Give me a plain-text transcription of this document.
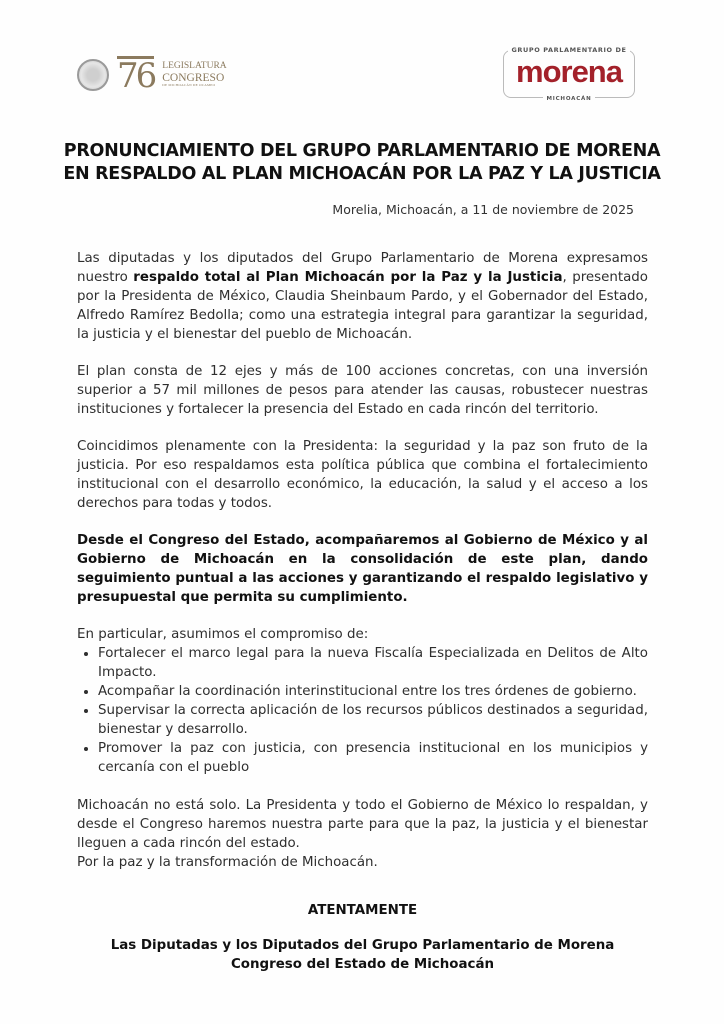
76 LEGISLATURA
CONGRESO
DE MICHOACÁN DE OCAMPO
GRUPO PARLAMENTARIO DE
morena
MICHOACÁN
PRONUNCIAMIENTO DEL GRUPO PARLAMENTARIO DE MORENA
EN RESPALDO AL PLAN MICHOACÁN POR LA PAZ Y LA JUSTICIA
Morelia, Michoacán, a 11 de noviembre de 2025

Las diputadas y los diputados del Grupo Parlamentario de Morena expresamos nuestro respaldo total al Plan Michoacán por la Paz y la Justicia, presentado por la Presidenta de México, Claudia Sheinbaum Pardo, y el Gobernador del Estado, Alfredo Ramírez Bedolla; como una estrategia integral para garantizar la seguridad, la justicia y el bienestar del pueblo de Michoacán.

El plan consta de 12 ejes y más de 100 acciones concretas, con una inversión superior a 57 mil millones de pesos para atender las causas, robustecer nuestras instituciones y fortalecer la presencia del Estado en cada rincón del territorio.

Coincidimos plenamente con la Presidenta: la seguridad y la paz son fruto de la justicia. Por eso respaldamos esta política pública que combina el fortalecimiento institucional con el desarrollo económico, la educación, la salud y el acceso a los derechos para todas y todos.

Desde el Congreso del Estado, acompañaremos al Gobierno de México y al Gobierno de Michoacán en la consolidación de este plan, dando seguimiento puntual a las acciones y garantizando el respaldo legislativo y presupuestal que permita su cumplimiento.

En particular, asumimos el compromiso de:

• Fortalecer el marco legal para la nueva Fiscalía Especializada en Delitos de Alto Impacto.
• Acompañar la coordinación interinstitucional entre los tres órdenes de gobierno.
• Supervisar la correcta aplicación de los recursos públicos destinados a seguridad, bienestar y desarrollo.
• Promover la paz con justicia, con presencia institucional en los municipios y cercanía con el pueblo

Michoacán no está solo. La Presidenta y todo el Gobierno de México lo respaldan, y desde el Congreso haremos nuestra parte para que la paz, la justicia y el bienestar lleguen a cada rincón del estado.

Por la paz y la transformación de Michoacán.

ATENTAMENTE

Las Diputadas y los Diputados del Grupo Parlamentario de Morena Congreso del Estado de Michoacán
